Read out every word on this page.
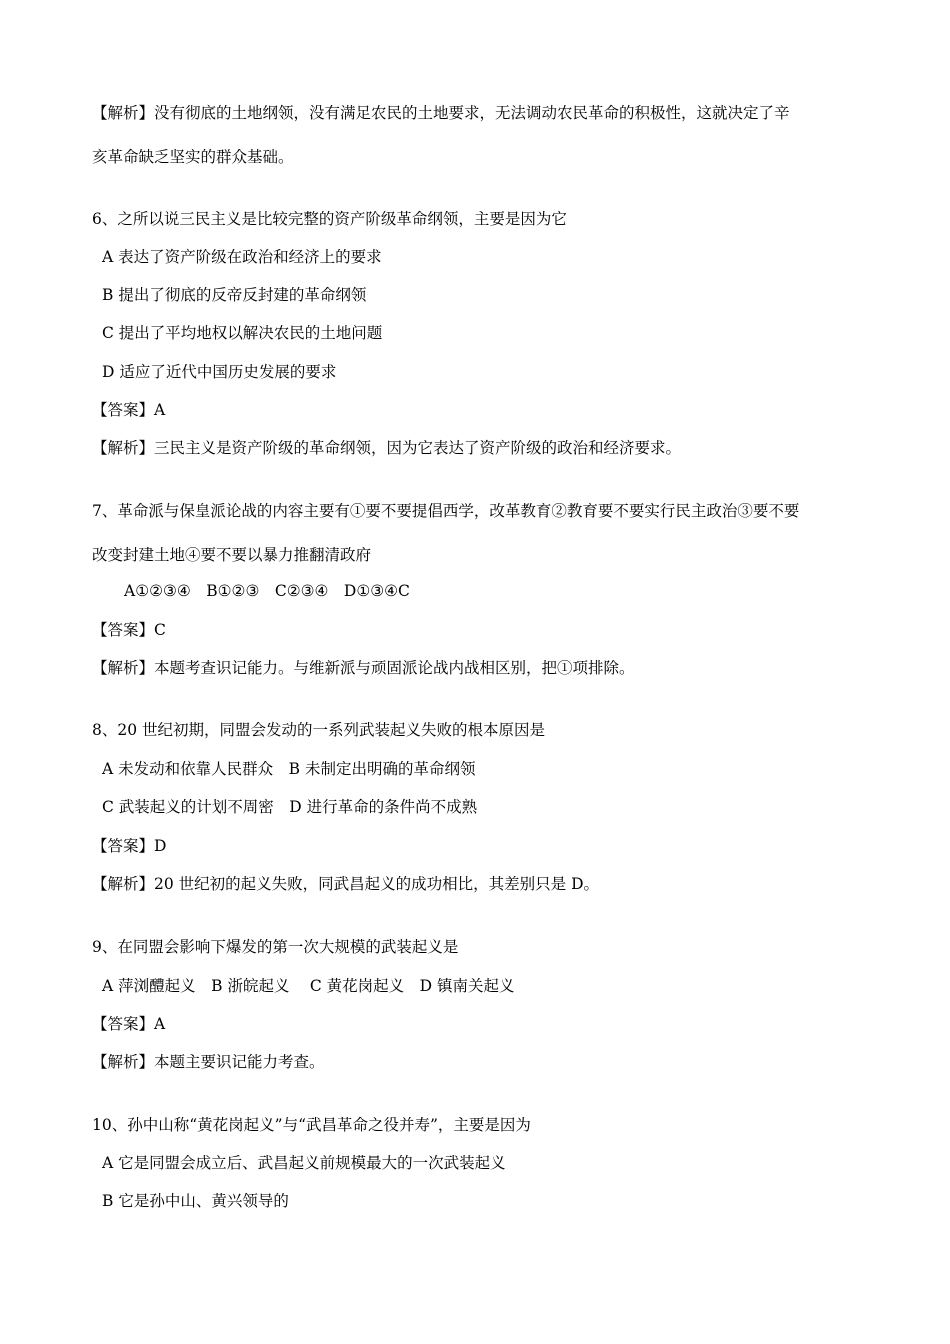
【解析】没有彻底的土地纲领，没有满足农民的土地要求，无法调动农民革命的积极性，这就决定了辛
亥革命缺乏坚实的群众基础。
6、之所以说三民主义是比较完整的资产阶级革命纲领，主要是因为它
A 表达了资产阶级在政治和经济上的要求
B 提出了彻底的反帝反封建的革命纲领
C 提出了平均地权以解决农民的土地问题
D 适应了近代中国历史发展的要求
【答案】A
【解析】三民主义是资产阶级的革命纲领，因为它表达了资产阶级的政治和经济要求。
7、革命派与保皇派论战的内容主要有①要不要提倡西学，改革教育②教育要不要实行民主政治③要不要
改变封建土地④要不要以暴力推翻清政府
A①②③④　B①②③　C②③④　D①③④C
【答案】C
【解析】本题考查识记能力。与维新派与顽固派论战内战相区别，把①项排除。
8、20 世纪初期，同盟会发动的一系列武装起义失败的根本原因是
A 未发动和依靠人民群众　B 未制定出明确的革命纲领
C 武装起义的计划不周密　D 进行革命的条件尚不成熟
【答案】D
【解析】20 世纪初的起义失败，同武昌起义的成功相比，其差别只是 D。
9、在同盟会影响下爆发的第一次大规模的武装起义是
A 萍浏醴起义　B 浙皖起义　 C 黄花岗起义　D 镇南关起义
【答案】A
【解析】本题主要识记能力考查。
10、孙中山称“黄花岗起义”与“武昌革命之役并寿”，主要是因为
A 它是同盟会成立后、武昌起义前规模最大的一次武装起义
B 它是孙中山、黄兴领导的
